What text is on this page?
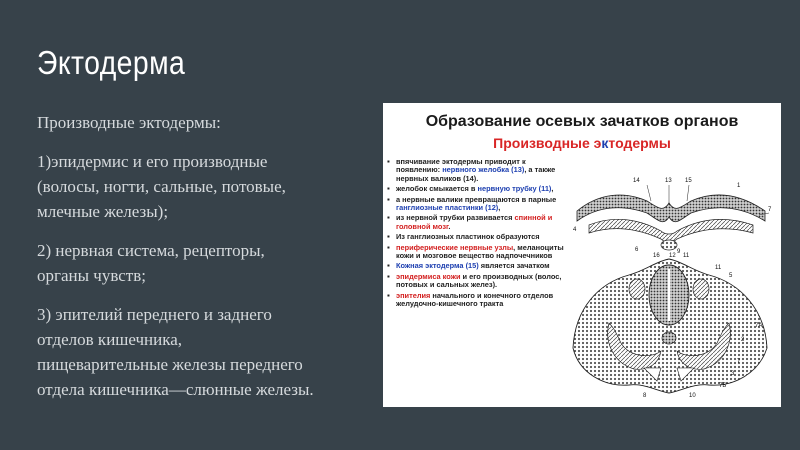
Эктодерма

Производные эктодермы:

1)эпидермис и его производные
(волосы, ногти, сальные, потовые,
млечные железы);

2) нервная система, рецепторы,
органы чувств;

3) эпителий переднего и заднего
отделов кишечника,
пищеварительные железы переднего
отдела кишечника—слюнные железы.

Образование осевых зачатков органов
Производные эктодермы
▪ впячивание эктодермы приводит к появлению: нервного желобка (13), а также нервных валиков (14).
▪ желобок смыкается в нервную трубку (11),
▪ а нервные валики превращаются в парные ганглиозные пластинки (12),
▪ из нервной трубки развивается спинной и головной мозг.
▪ Из ганглиозных пластинок образуются
▪ периферические нервные узлы, меланоциты кожи и мозговое вещество надпочечников
▪ Кожная эктодерма (15) является зачатком
▪ эпидермиса кожи и его производных (волос, потовых и сальных желез).
▪ эпителия начального и конечного отделов желудочно-кишечного тракта
14	13 15
1
7
4
6	9
16 12 11
11
5
7А
2
7
3
7Б
10
8
